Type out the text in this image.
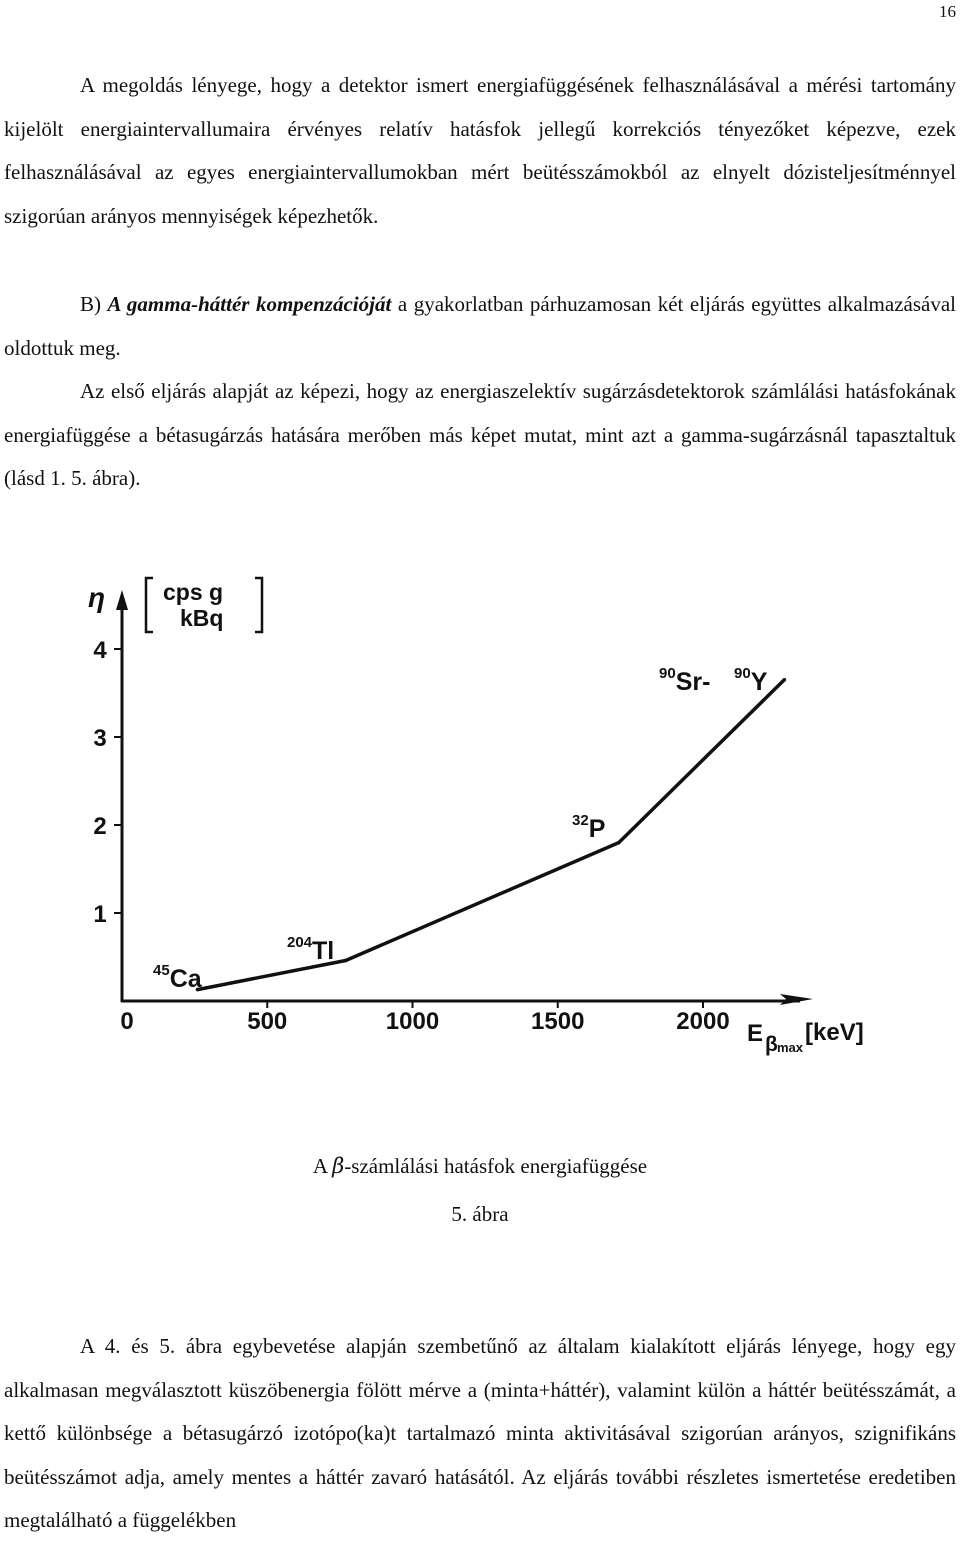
16

A megoldás lényege, hogy a detektor ismert energiafüggésének felhasználásával a mérési tartomány kijelölt energiaintervallumaira érvényes relatív hatásfok jellegű korrekciós tényezőket képezve, ezek felhasználásával az egyes energiaintervallumokban mért beütésszámokból az elnyelt dózisteljesítménnyel szigorúan arányos mennyiségek képezhetők.

B) A gamma-háttér kompenzációját a gyakorlatban párhuzamosan két eljárás együttes alkalmazásával oldottuk meg.

Az első eljárás alapját az képezi, hogy az energiaszelektív sugárzásdetektorok számlálási hatásfokának energiafüggése a bétasugárzás hatására merőben más képet mutat, mint azt a gamma-sugárzásnál tapasztaltuk (lásd 1. 5. ábra).

1
2
3
4
0	500	1000	1500	2000
45Ca
204Tl
32P
90Sr- 90Y
η	cps g
kBq
E β max
[keV]
A β-számlálási hatásfok energiafüggése
5. ábra

A 4. és 5. ábra egybevetése alapján szembetűnő az általam kialakított eljárás lényege, hogy egy alkalmasan megválasztott küszöbenergia fölött mérve a (minta+háttér), valamint külön a háttér beütésszámát, a kettő különbsége a bétasugárzó izotópo(ka)t tartalmazó minta aktivitásával szigorúan arányos, szignifikáns beütésszámot adja, amely mentes a háttér zavaró hatásától. Az eljárás további részletes ismertetése eredetiben megtalálható a függelékben
